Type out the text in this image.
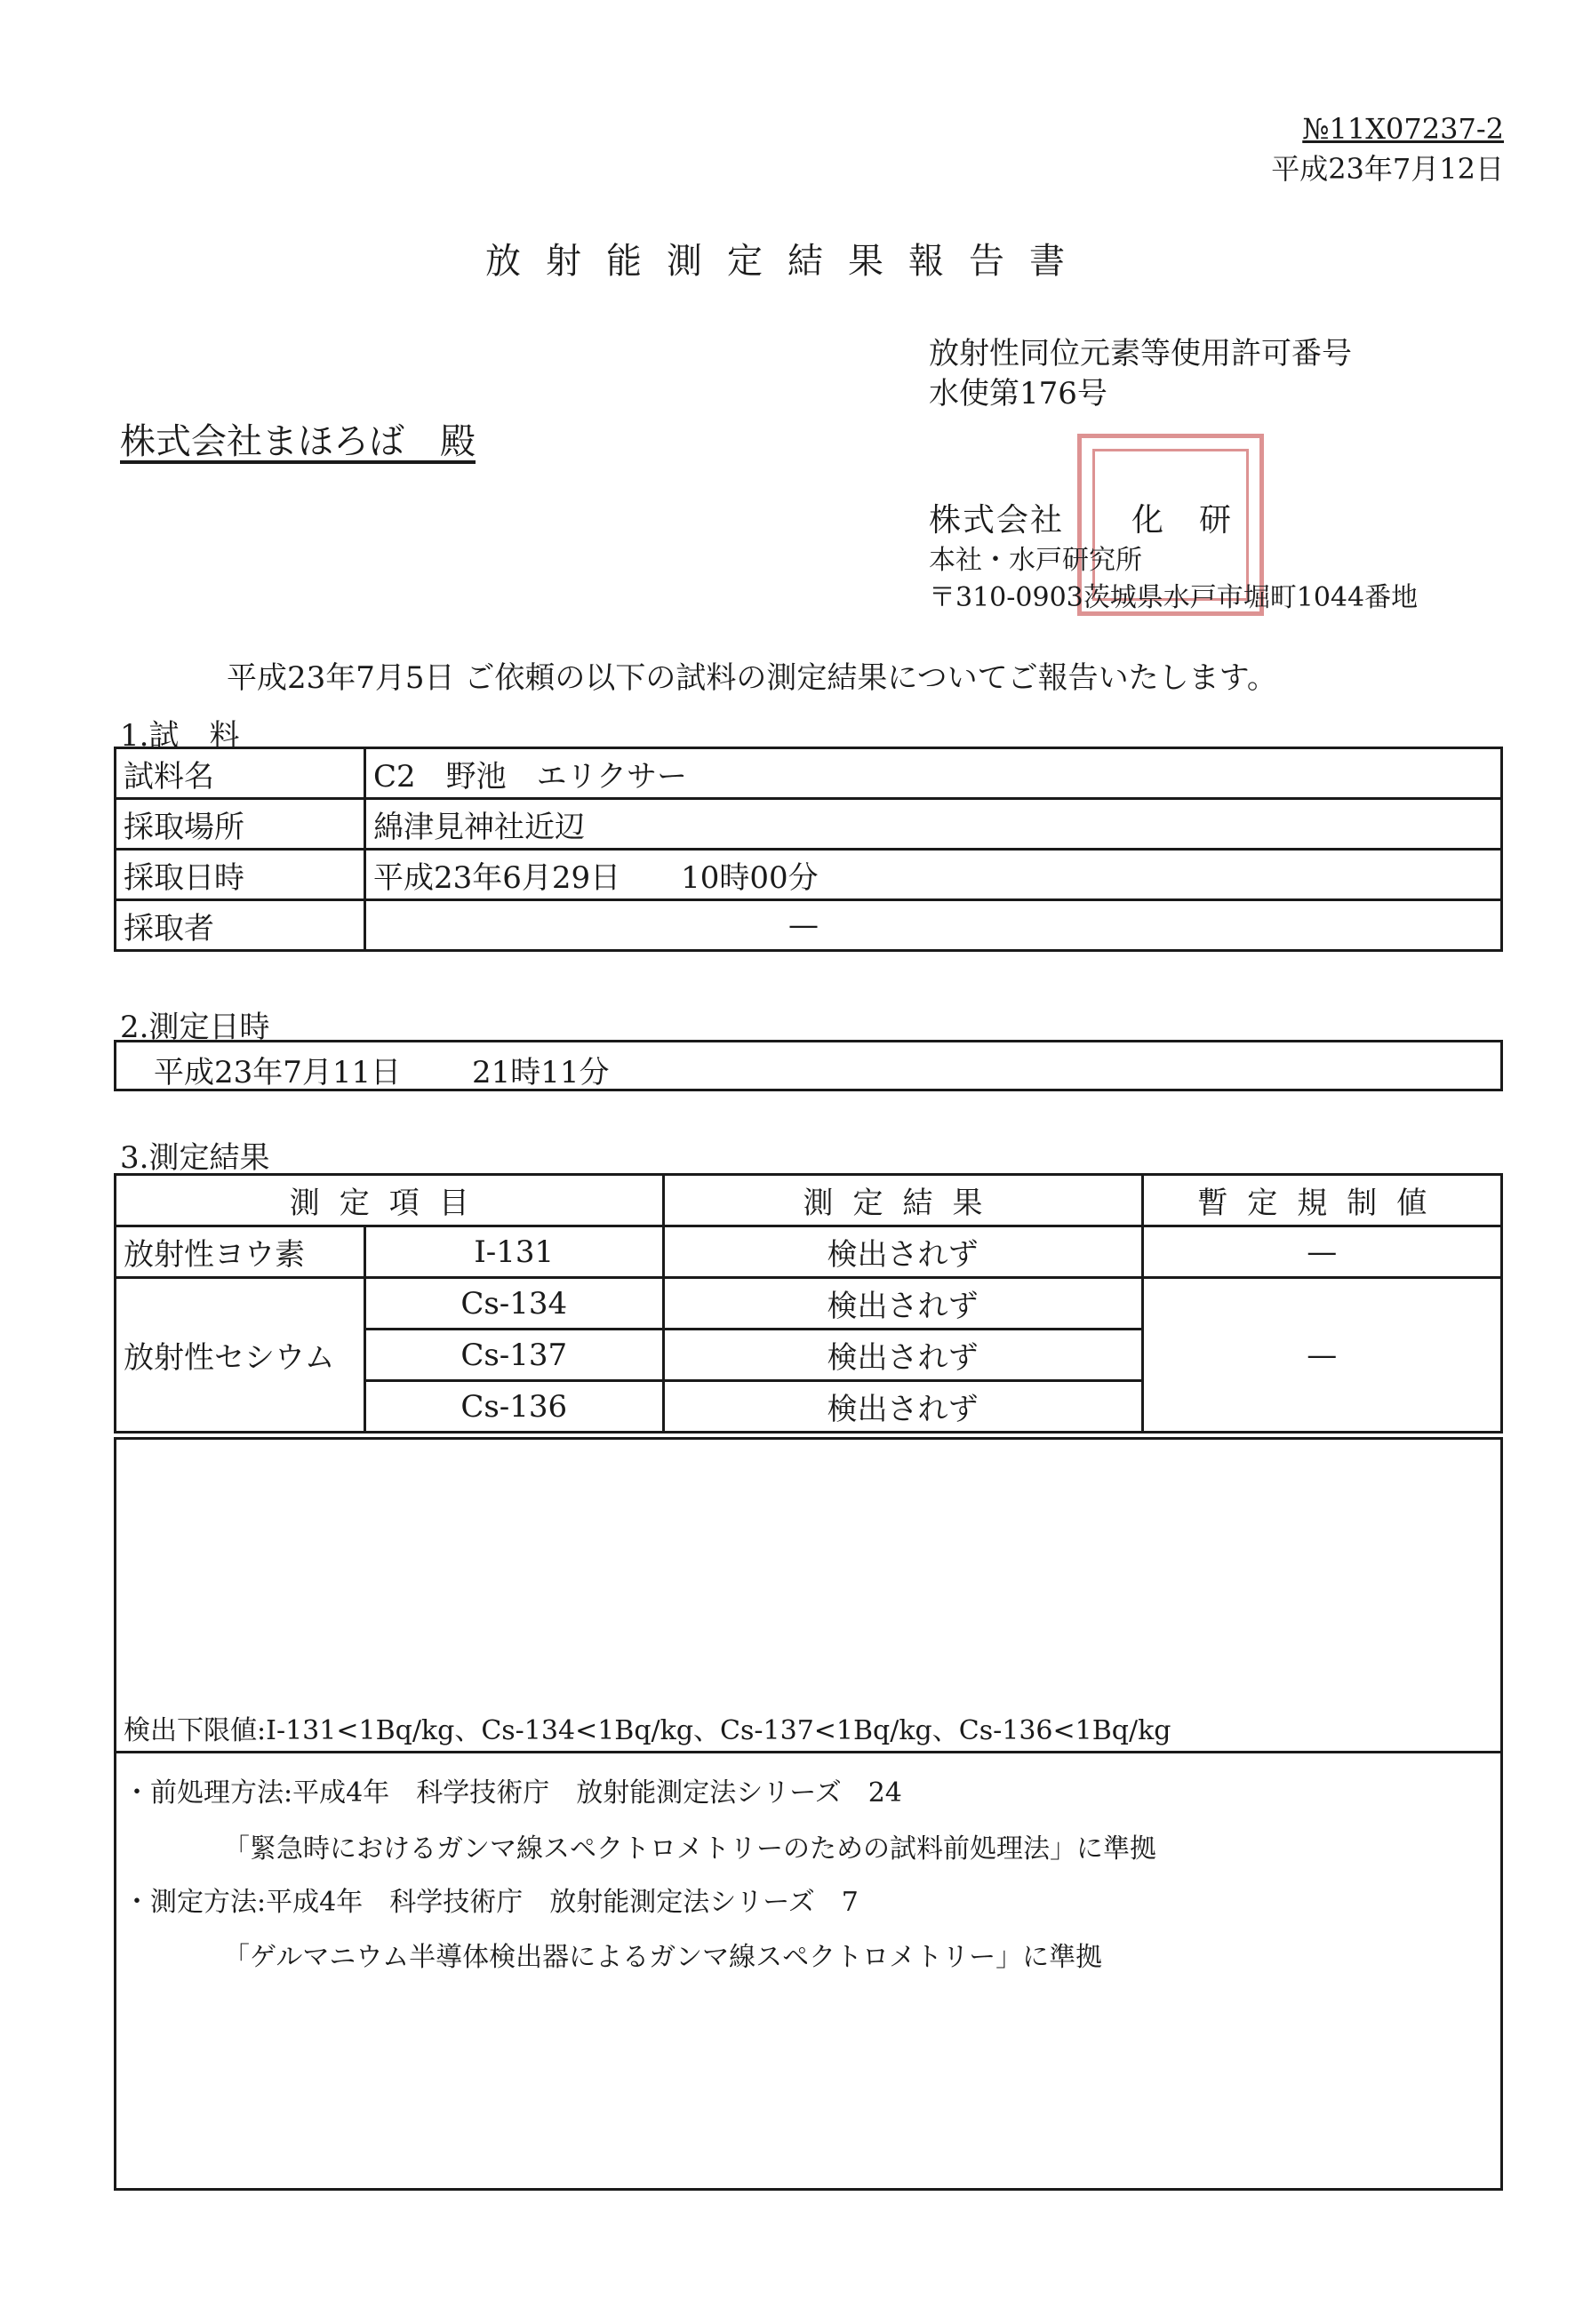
№11X07237-2
平成23年7月12日
放射能測定結果報告書
放射性同位元素等使用許可番号
水使第176号
株式会社まほろば　殿
株式会社　　化　研
本社・水戸研究所
〒310-0903茨城県水戸市堀町1044番地
平成23年7月5日 ご依頼の以下の試料の測定結果についてご報告いたします。
1.試　料
試料名	C2　野池　エリクサー
採取場所	綿津見神社近辺
採取日時	平成23年6月29日　　10時00分
採取者	—
2.測定日時
平成23年7月11日 21時11分
3.測定結果
測定項目		測定結果	暫定規制値
放射性ヨウ素	I-131	検出されず	—
放射性セシウム	Cs-134	検出されず	—
	Cs-137	検出されず	
	Cs-136	検出されず	
検出下限値:I-131<1Bq/kg、Cs-134<1Bq/kg、Cs-137<1Bq/kg、Cs-136<1Bq/kg
・前処理方法:平成4年　科学技術庁　放射能測定法シリーズ　24
「緊急時におけるガンマ線スペクトロメトリーのための試料前処理法」に準拠
・測定方法:平成4年　科学技術庁　放射能測定法シリーズ　7
「ゲルマニウム半導体検出器によるガンマ線スペクトロメトリー」に準拠
